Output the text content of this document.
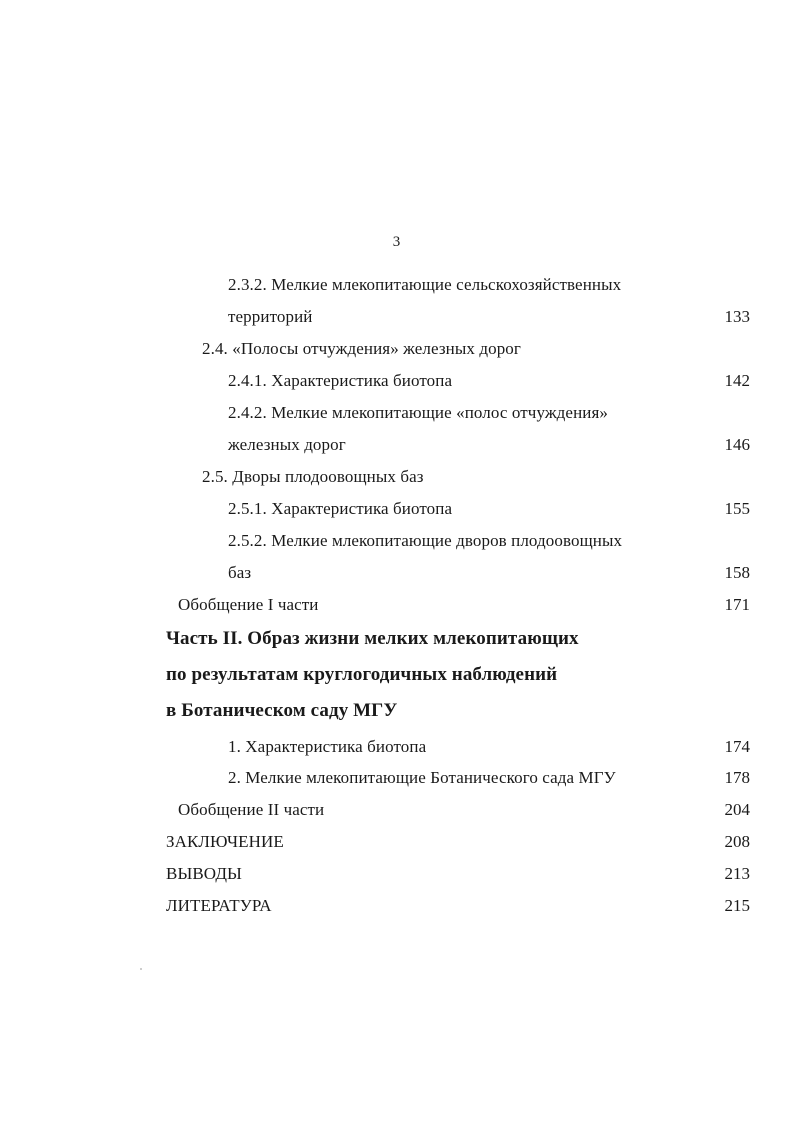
3
2.3.2. Мелкие млекопитающие сельскохозяйственных
территорий	133
2.4. «Полосы отчуждения» железных дорог
2.4.1. Характеристика биотопа	142
2.4.2. Мелкие млекопитающие «полос отчуждения»
железных дорог	146
2.5. Дворы плодоовощных баз
2.5.1. Характеристика биотопа	155
2.5.2. Мелкие млекопитающие дворов плодоовощных
баз	158
Обобщение I части	171
Часть II. Образ жизни мелких млекопитающих
по результатам круглогодичных наблюдений
в Ботаническом саду МГУ
1. Характеристика биотопа	174
2. Мелкие млекопитающие Ботанического сада МГУ	178
Обобщение II части	204
ЗАКЛЮЧЕНИЕ	208
ВЫВОДЫ	213
ЛИТЕРАТУРА	215
